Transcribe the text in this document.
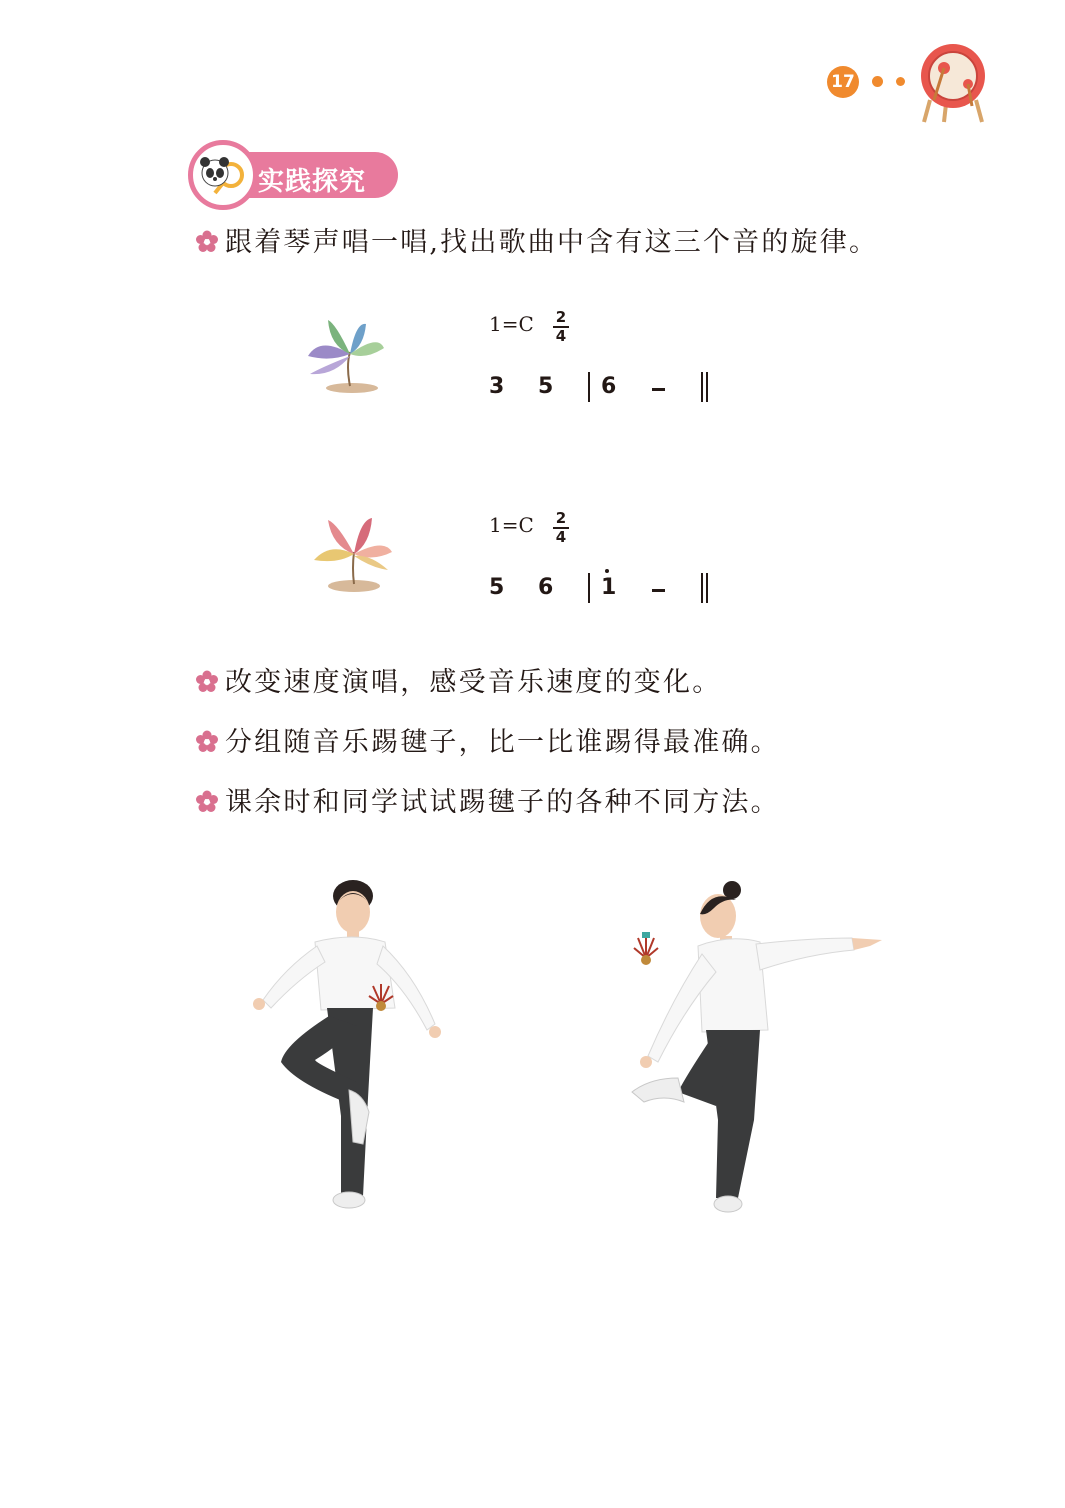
17
实践探究
跟着琴声唱一唱,找出歌曲中含有这三个音的旋律。
1=C 2
4
3 5 6
1=C 2
4
5 6 1
改变速度演唱，感受音乐速度的变化。
分组随音乐踢毽子，比一比谁踢得最准确。
课余时和同学试试踢毽子的各种不同方法。
